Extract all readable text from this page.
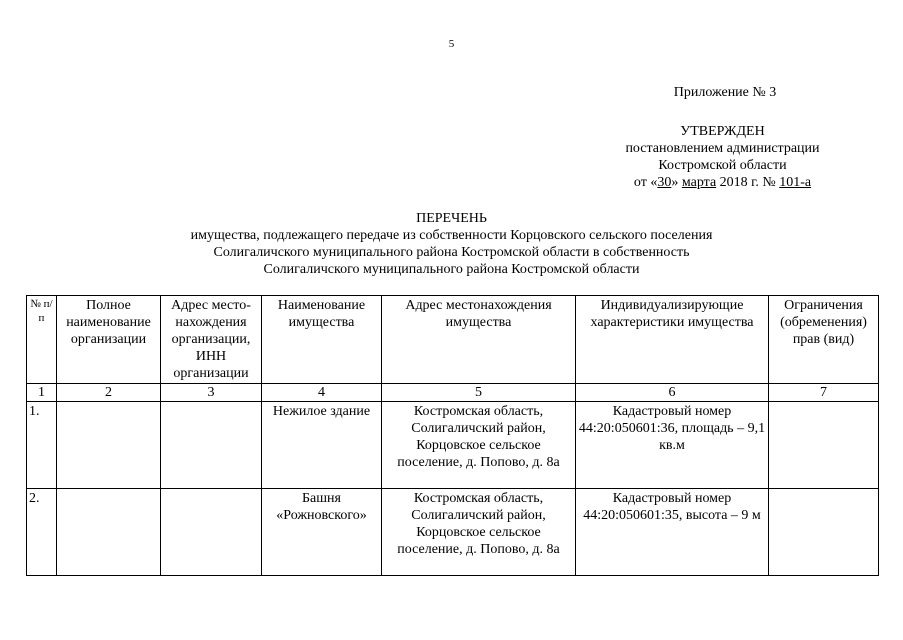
5
Приложение № 3
УТВЕРЖДЕН
постановлением администрации
Костромской области
от «30» марта 2018 г. № 101-а
ПЕРЕЧЕНЬ
имущества, подлежащего передаче из собственности Корцовского сельского поселения
Солигаличского муниципального района Костромской области в собственность
Солигаличского муниципального района Костромской области
№ п/п	Полное наименование организации	Адрес место-нахождения организации, ИНН организации	Наименование имущества	Адрес местонахождения имущества	Индивидуализирующие характеристики имущества	Ограничения (обременения) прав (вид)
1	2	3	4	5	6	7
1.			Нежилое здание	Костромская область, Солигаличский район, Корцовское сельское поселение, д. Попово, д. 8а	Кадастровый номер 44:20:050601:36, площадь – 9,1 кв.м	
2.			Башня «Рожновского»	Костромская область, Солигаличский район, Корцовское сельское поселение, д. Попово, д. 8а	Кадастровый номер 44:20:050601:35, высота – 9 м	
